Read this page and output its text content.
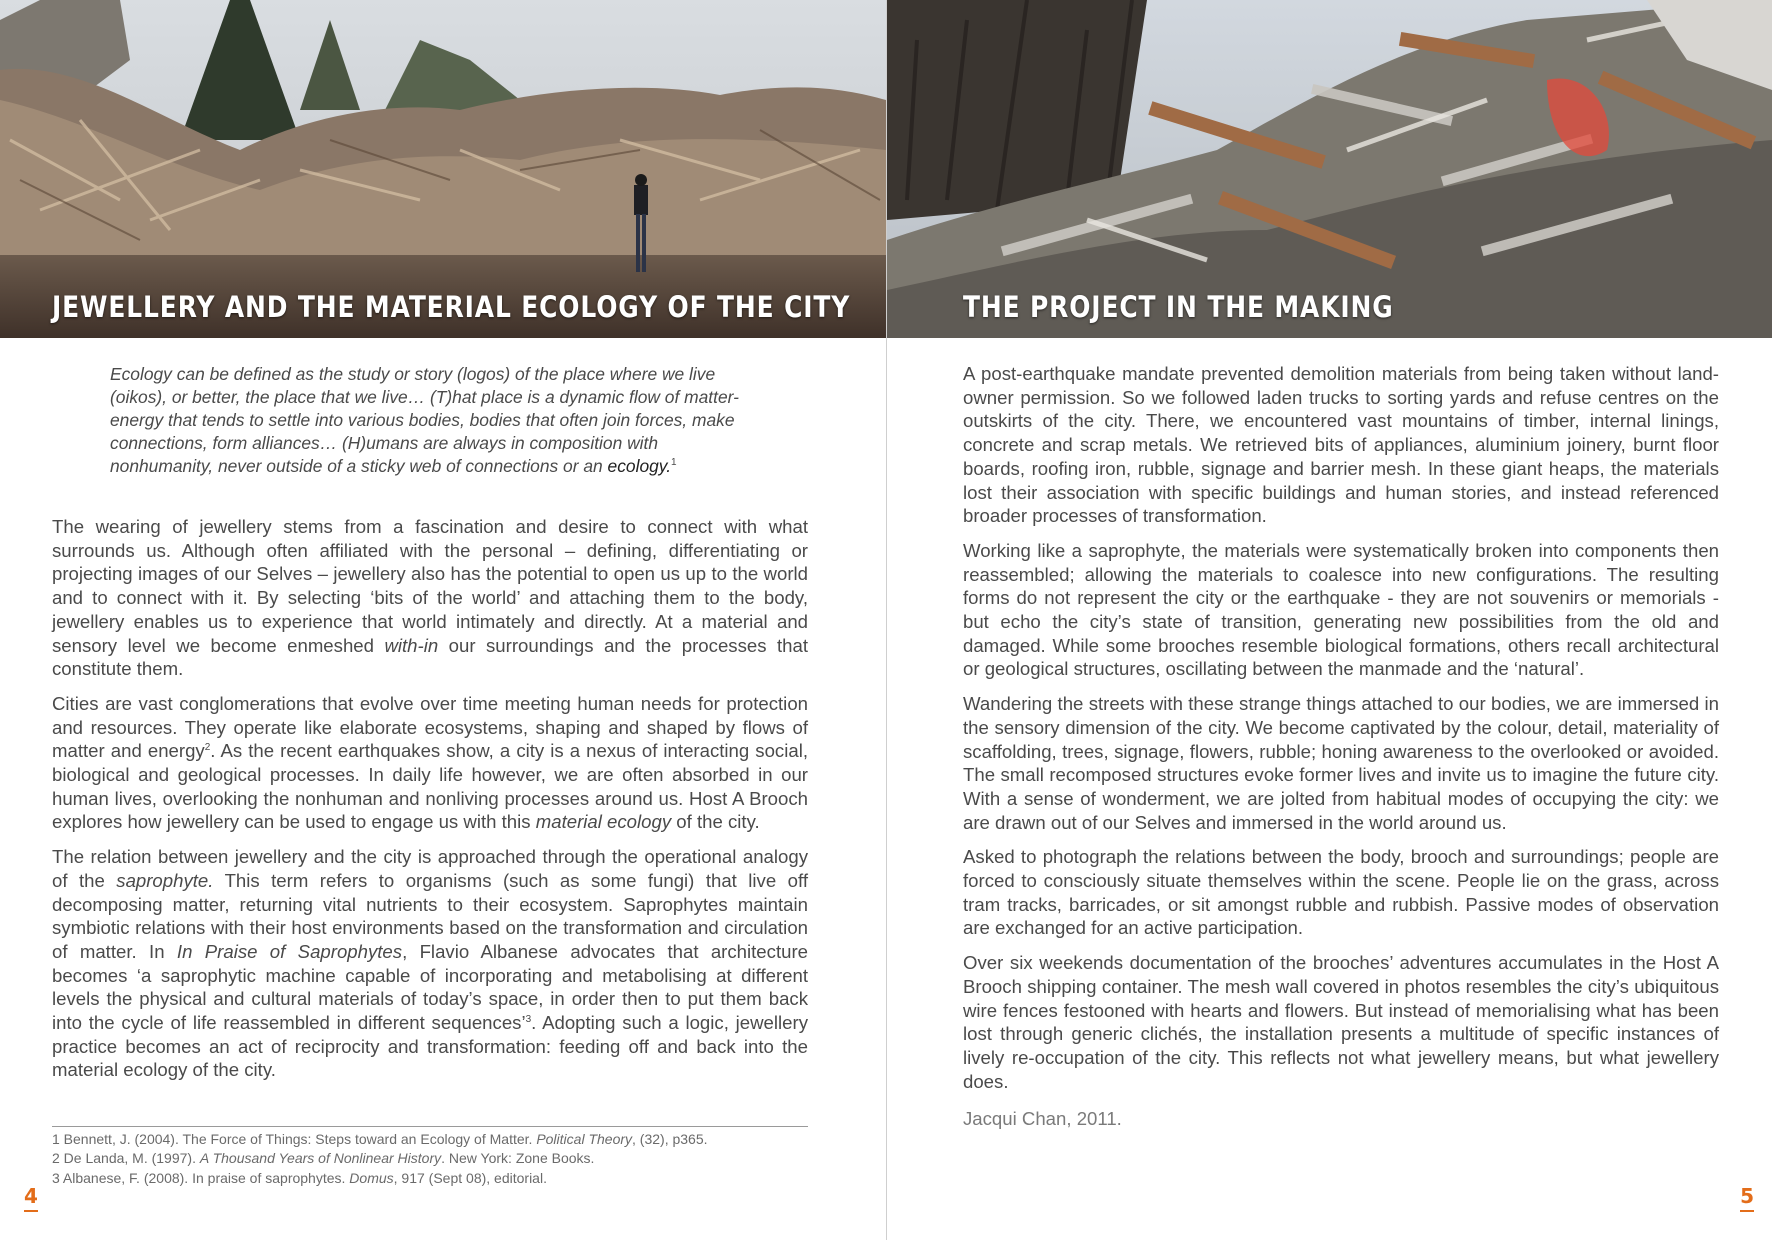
JEWELLERY AND THE MATERIAL ECOLOGY OF THE CITY

Ecology can be defined as the study or story (logos) of the place where we live (oikos), or better, the place that we live… (T)hat place is a dynamic flow of matter-energy that tends to settle into various bodies, bodies that often join forces, make connections, form alliances… (H)umans are always in composition with nonhumanity, never outside of a sticky web of connections or an ecology.$^1$

The wearing of jewellery stems from a fascination and desire to connect with what surrounds us. Although often affiliated with the personal – defining, differentiating or projecting images of our Selves – jewellery also has the potential to open us up to the world and to connect with it. By selecting ‘bits of the world’ and attaching them to the body, jewellery enables us to experience that world intimately and directly. At a material and sensory level we become enmeshed with-in our surroundings and the processes that constitute them.

Cities are vast conglomerations that evolve over time meeting human needs for protection and resources. They operate like elaborate ecosystems, shaping and shaped by flows of matter and energy$^2$. As the recent earthquakes show, a city is a nexus of interacting social, biological and geological processes. In daily life however, we are often absorbed in our human lives, overlooking the nonhuman and nonliving processes around us. Host A Brooch explores how jewellery can be used to engage us with this material ecology of the city.

The relation between jewellery and the city is approached through the operational analogy of the saprophyte. This term refers to organisms (such as some fungi) that live off decomposing matter, returning vital nutrients to their ecosystem. Saprophytes maintain symbiotic relations with their host environments based on the transformation and circulation of matter. In In Praise of Saprophytes, Flavio Albanese advocates that architecture becomes ‘a saprophytic machine capable of incorporating and metabolising at different levels the physical and cultural materials of today’s space, in order then to put them back into the cycle of life reassembled in different sequences’$^3$. Adopting such a logic, jewellery practice becomes an act of reciprocity and transformation: feeding off and back into the material ecology of the city.

1 Bennett, J. (2004). The Force of Things: Steps toward an Ecology of Matter. Political Theory, (32), p365.
2 De Landa, M. (1997). A Thousand Years of Nonlinear History. New York: Zone Books.
3 Albanese, F. (2008). In praise of saprophytes. Domus, 917 (Sept 08), editorial.
4
THE PROJECT IN THE MAKING

A post-earthquake mandate prevented demolition materials from being taken without land-owner permission. So we followed laden trucks to sorting yards and refuse centres on the outskirts of the city. There, we encountered vast mountains of timber, internal linings, concrete and scrap metals. We retrieved bits of appliances, aluminium joinery, burnt floor boards, roofing iron, rubble, signage and barrier mesh. In these giant heaps, the materials lost their association with specific buildings and human stories, and instead referenced broader processes of transformation.

Working like a saprophyte, the materials were systematically broken into components then reassembled; allowing the materials to coalesce into new configurations. The resulting forms do not represent the city or the earthquake - they are not souvenirs or memorials - but echo the city’s state of transition, generating new possibilities from the old and damaged. While some brooches resemble biological formations, others recall architectural or geological structures, oscillating between the manmade and the ‘natural’.

Wandering the streets with these strange things attached to our bodies, we are immersed in the sensory dimension of the city. We become captivated by the colour, detail, materiality of scaffolding, trees, signage, flowers, rubble; honing awareness to the overlooked or avoided. The small recomposed structures evoke former lives and invite us to imagine the future city. With a sense of wonderment, we are jolted from habitual modes of occupying the city: we are drawn out of our Selves and immersed in the world around us.

Asked to photograph the relations between the body, brooch and surroundings; people are forced to consciously situate themselves within the scene. People lie on the grass, across tram tracks, barricades, or sit amongst rubble and rubbish. Passive modes of observation are exchanged for an active participation.

Over six weekends documentation of the brooches’ adventures accumulates in the Host A Brooch shipping container. The mesh wall covered in photos resembles the city’s ubiquitous wire fences festooned with hearts and flowers. But instead of memorialising what has been lost through generic clichés, the installation presents a multitude of specific instances of lively re-occupation of the city. This reflects not what jewellery means, but what jewellery does.

Jacqui Chan, 2011.

5
